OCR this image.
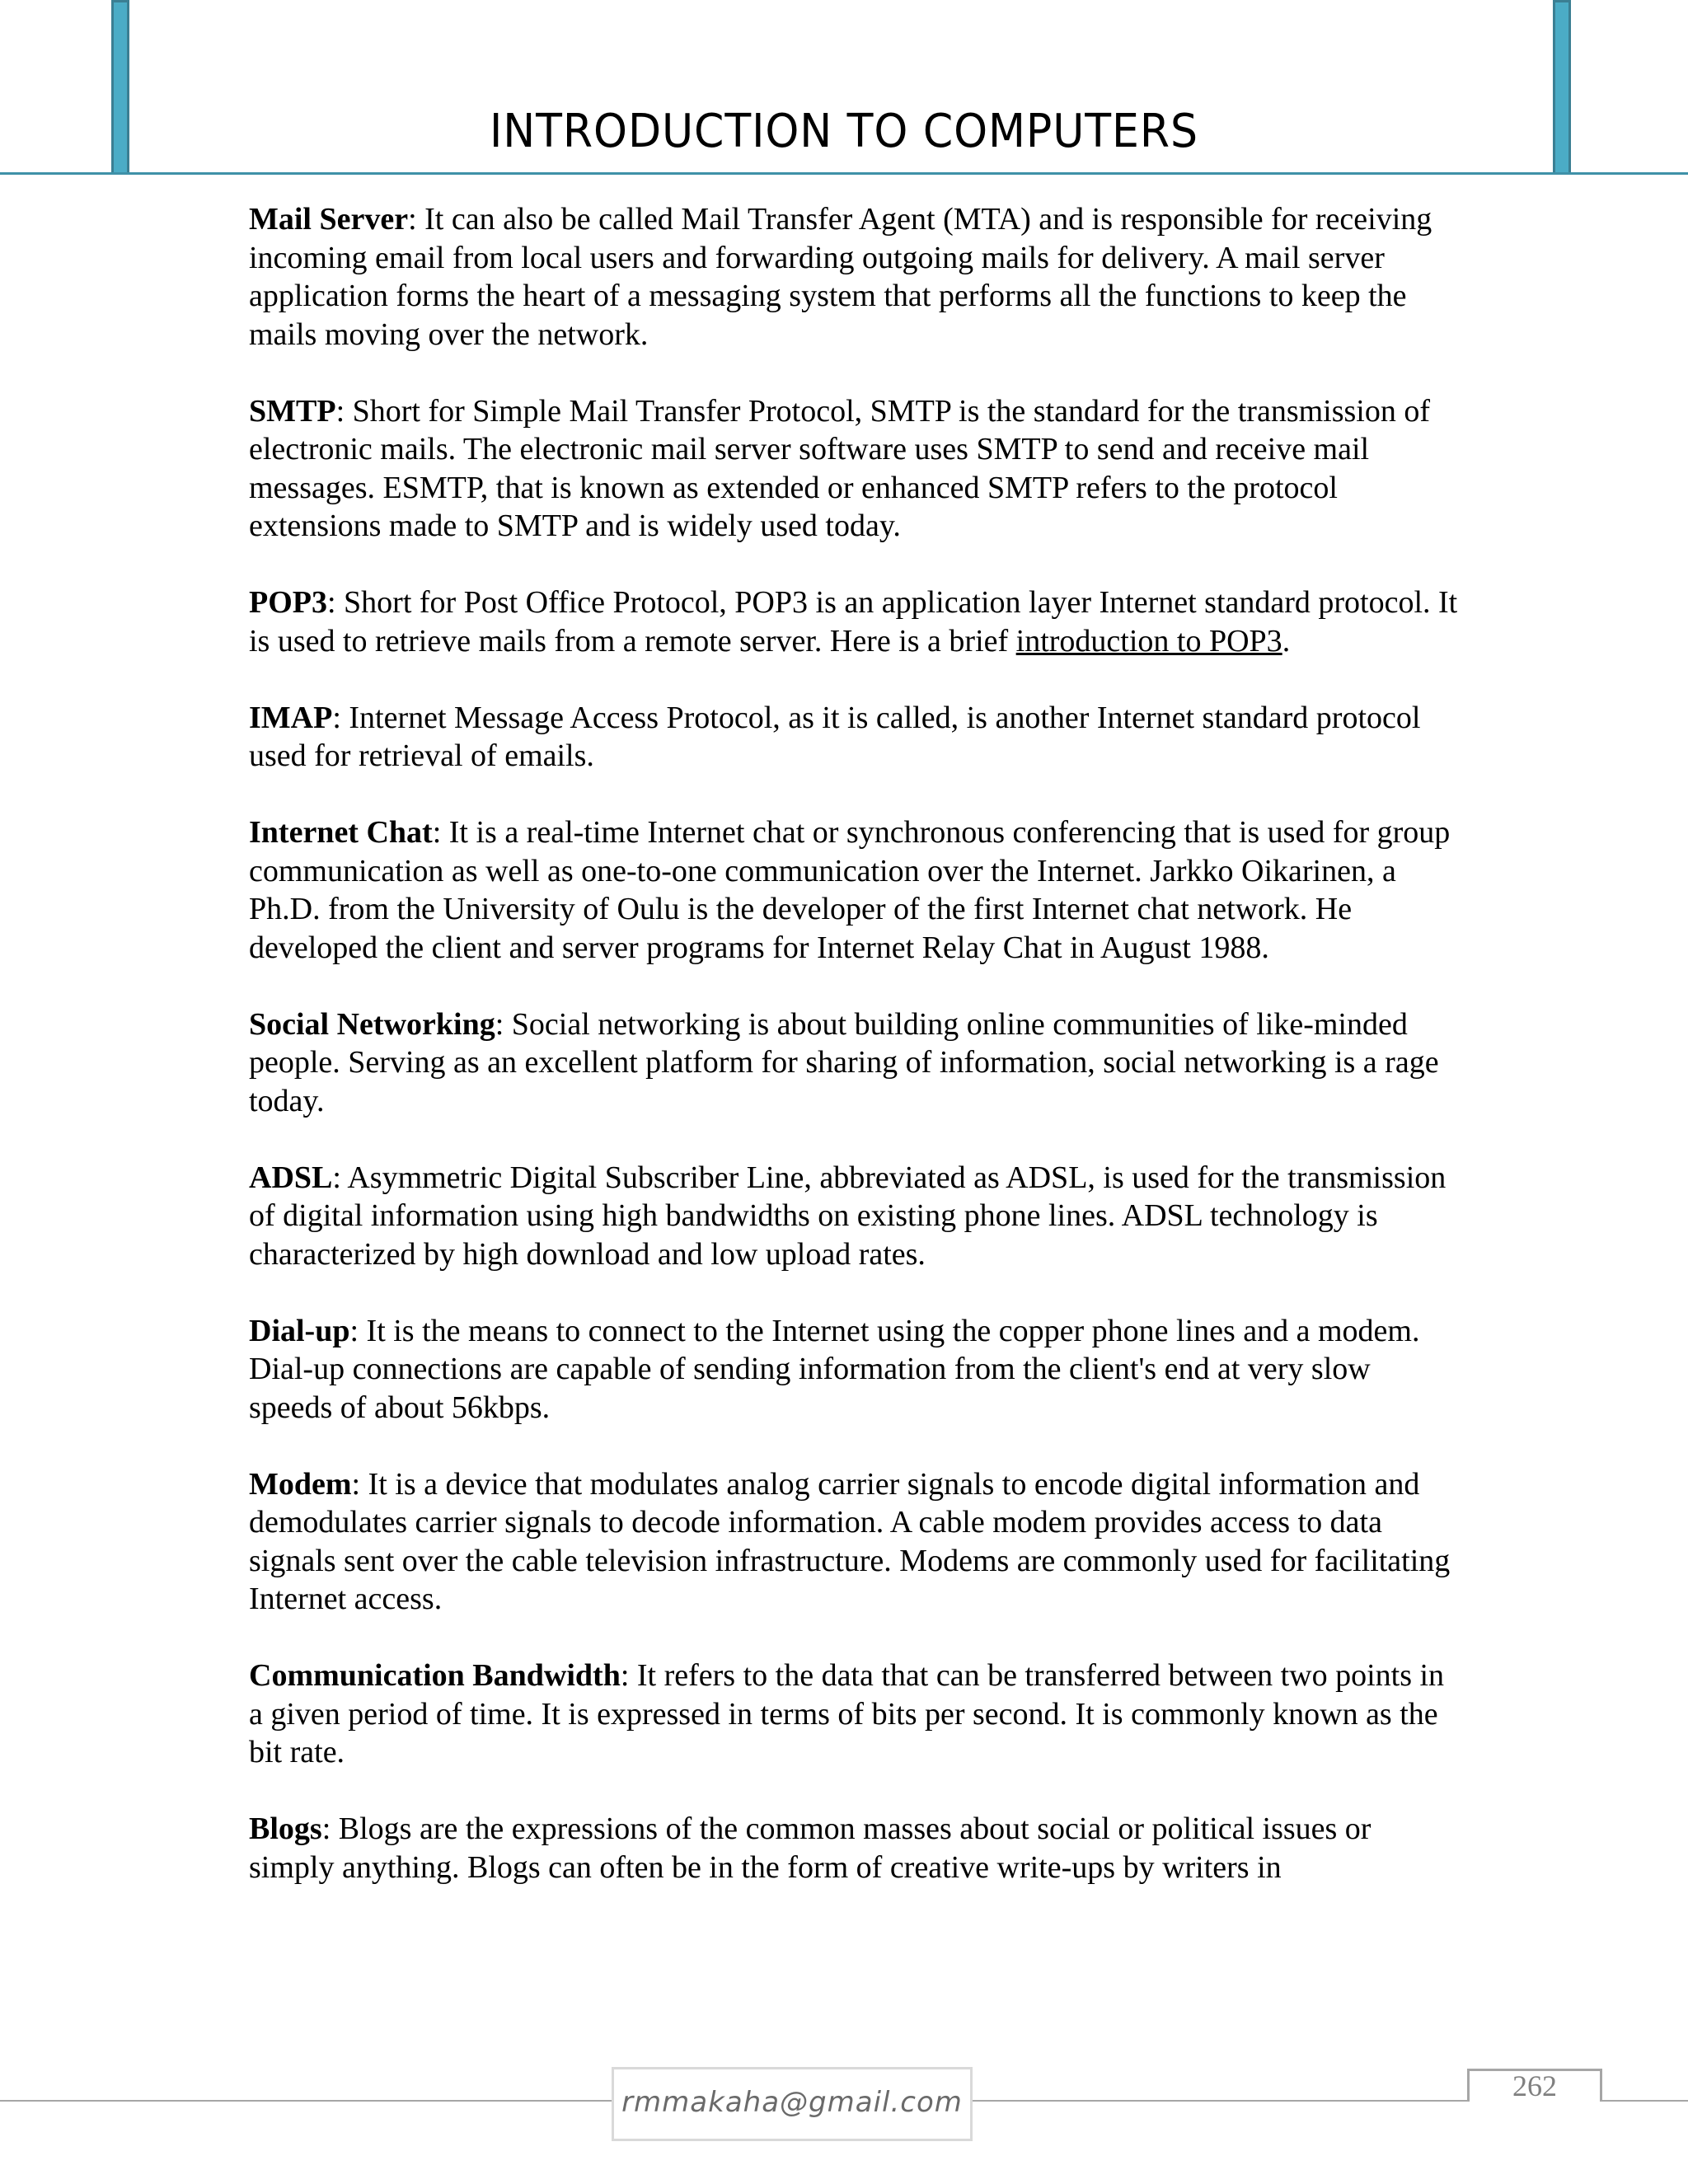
INTRODUCTION TO COMPUTERS

Mail Server: It can also be called Mail Transfer Agent (MTA) and is responsible for receiving incoming email from local users and forwarding outgoing mails for delivery. A mail server application forms the heart of a messaging system that performs all the functions to keep the mails moving over the network.

SMTP: Short for Simple Mail Transfer Protocol, SMTP is the standard for the transmission of electronic mails. The electronic mail server software uses SMTP to send and receive mail messages. ESMTP, that is known as extended or enhanced SMTP refers to the protocol extensions made to SMTP and is widely used today.

POP3: Short for Post Office Protocol, POP3 is an application layer Internet standard protocol. It is used to retrieve mails from a remote server. Here is a brief introduction to POP3.

IMAP: Internet Message Access Protocol, as it is called, is another Internet standard protocol used for retrieval of emails.

Internet Chat: It is a real-time Internet chat or synchronous conferencing that is used for group communication as well as one-to-one communication over the Internet. Jarkko Oikarinen, a Ph.D. from the University of Oulu is the developer of the first Internet chat network. He developed the client and server programs for Internet Relay Chat in August 1988.

Social Networking: Social networking is about building online communities of like-minded people. Serving as an excellent platform for sharing of information, social networking is a rage today.

ADSL: Asymmetric Digital Subscriber Line, abbreviated as ADSL, is used for the transmission of digital information using high bandwidths on existing phone lines. ADSL technology is characterized by high download and low upload rates.

Dial-up: It is the means to connect to the Internet using the copper phone lines and a modem. Dial-up connections are capable of sending information from the client's end at very slow speeds of about 56kbps.

Modem: It is a device that modulates analog carrier signals to encode digital information and demodulates carrier signals to decode information. A cable modem provides access to data signals sent over the cable television infrastructure. Modems are commonly used for facilitating Internet access.

Communication Bandwidth: It refers to the data that can be transferred between two points in a given period of time. It is expressed in terms of bits per second. It is commonly known as the bit rate.

Blogs: Blogs are the expressions of the common masses about social or political issues or simply anything. Blogs can often be in the form of creative write-ups by writers in

rmmakaha@gmail.com	262
